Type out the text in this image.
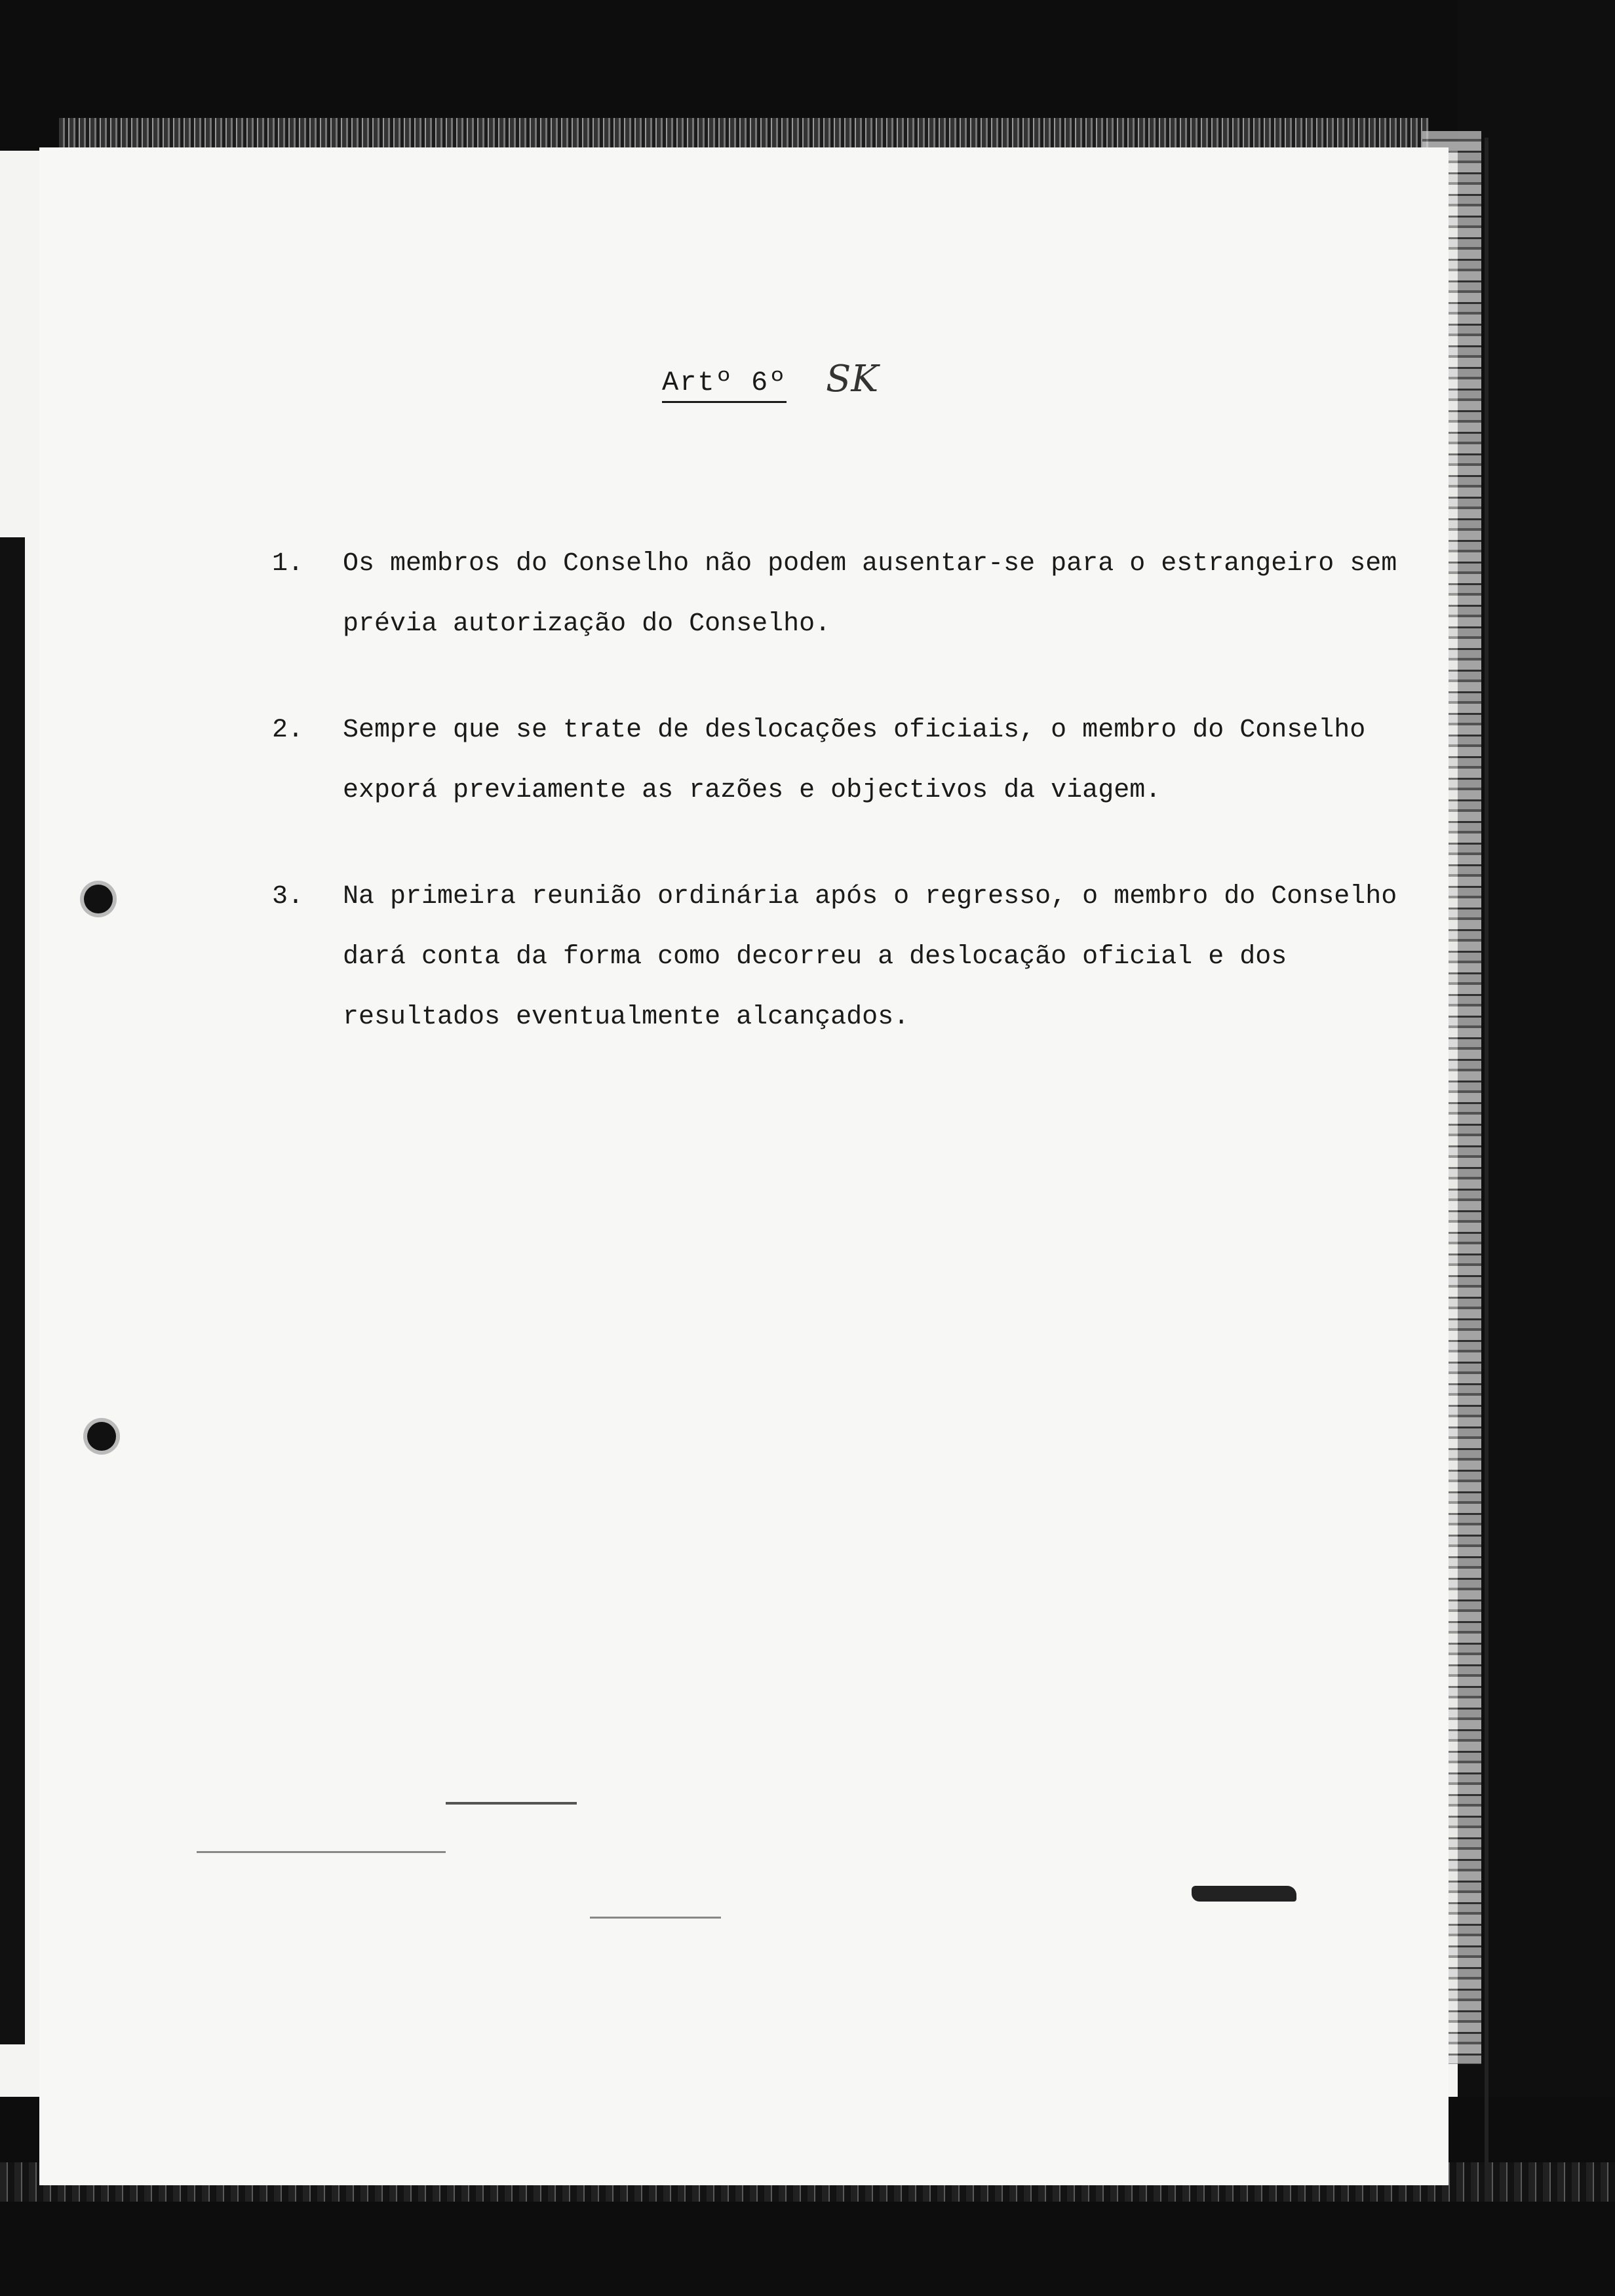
Artº 6º SK
1.	Os membros do Conselho não podem ausentar-se para o estrangeiro sem prévia autorização do Conselho.
2.	Sempre que se trate de deslocações oficiais, o membro do Conselho exporá previamente as razões e objectivos da viagem.
3.	Na primeira reunião ordinária após o regresso, o membro do Conselho dará conta da forma como decorreu a deslocação oficial e dos resultados eventualmente alcançados.
